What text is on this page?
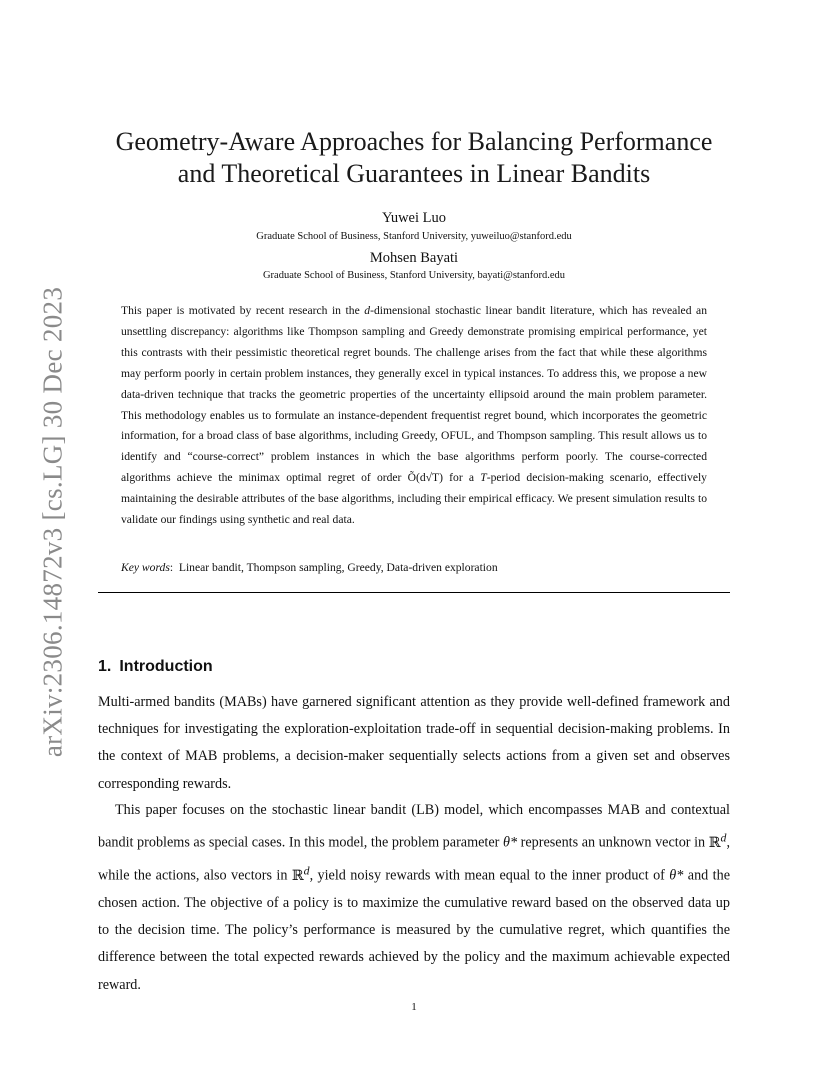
arXiv:2306.14872v3 [cs.LG] 30 Dec 2023
Geometry-Aware Approaches for Balancing Performance
and Theoretical Guarantees in Linear Bandits
Yuwei Luo
Graduate School of Business, Stanford University, yuweiluo@stanford.edu
Mohsen Bayati
Graduate School of Business, Stanford University, bayati@stanford.edu
This paper is motivated by recent research in the d-dimensional stochastic linear bandit literature, which has revealed an unsettling discrepancy: algorithms like Thompson sampling and Greedy demonstrate promising empirical performance, yet this contrasts with their pessimistic theoretical regret bounds. The challenge arises from the fact that while these algorithms may perform poorly in certain problem instances, they generally excel in typical instances. To address this, we propose a new data-driven technique that tracks the geometric properties of the uncertainty ellipsoid around the main problem parameter. This methodology enables us to formulate an instance-dependent frequentist regret bound, which incorporates the geometric information, for a broad class of base algorithms, including Greedy, OFUL, and Thompson sampling. This result allows us to identify and “course-correct” problem instances in which the base algorithms perform poorly. The course-corrected algorithms achieve the minimax optimal regret of order Õ(d√T) for a T-period decision-making scenario, effectively maintaining the desirable attributes of the base algorithms, including their empirical efficacy. We present simulation results to validate our findings using synthetic and real data.
Key words:  Linear bandit, Thompson sampling, Greedy, Data-driven exploration
1. Introduction
Multi-armed bandits (MABs) have garnered significant attention as they provide well-defined framework and techniques for investigating the exploration-exploitation trade-off in sequential decision-making problems. In the context of MAB problems, a decision-maker sequentially selects actions from a given set and observes corresponding rewards.
This paper focuses on the stochastic linear bandit (LB) model, which encompasses MAB and contextual bandit problems as special cases. In this model, the problem parameter θ* represents an unknown vector in ℝ$^d$, while the actions, also vectors in ℝ$^d$, yield noisy rewards with mean equal to the inner product of θ* and the chosen action. The objective of a policy is to maximize the cumulative reward based on the observed data up to the decision time. The policy’s performance is measured by the cumulative regret, which quantifies the difference between the total expected rewards achieved by the policy and the maximum achievable expected reward.
1
